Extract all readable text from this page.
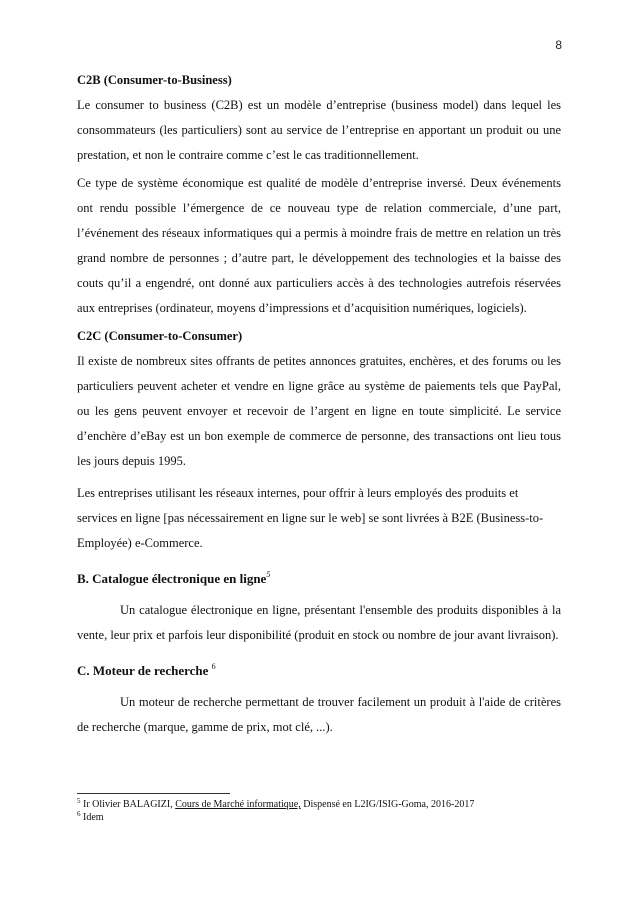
8
C2B (Consumer-to-Business)

Le consumer to business (C2B) est un modèle d’entreprise (business model) dans lequel les consommateurs (les particuliers) sont au service de l’entreprise en apportant un produit ou une prestation, et non le contraire comme c’est le cas traditionnellement.

Ce type de système économique est qualité de modèle d’entreprise inversé. Deux événements ont rendu possible l’émergence de ce nouveau type de relation commerciale, d’une part, l’événement des réseaux informatiques qui a permis à moindre frais de mettre en relation un très grand nombre de personnes ; d’autre part, le développement des technologies et la baisse des couts qu’il a engendré, ont donné aux particuliers accès à des technologies autrefois réservées aux entreprises (ordinateur, moyens d’impressions et d’acquisition numériques, logiciels).

C2C (Consumer-to-Consumer)

Il existe de nombreux sites offrants de petites annonces gratuites, enchères, et des forums ou les particuliers peuvent acheter et vendre en ligne grâce au système de paiements tels que PayPal, ou les gens peuvent envoyer et recevoir de l’argent en ligne en toute simplicité. Le service d’enchère d’eBay est un bon exemple de commerce de personne, des transactions ont lieu tous les jours depuis 1995.

Les entreprises utilisant les réseaux internes, pour offrir à leurs employés des produits et services en ligne [pas nécessairement en ligne sur le web] se sont livrées à B2E (Business-to-Employée) e-Commerce.

B. Catalogue électronique en ligne$^5$

Un catalogue électronique en ligne, présentant l'ensemble des produits disponibles à la vente, leur prix et parfois leur disponibilité (produit en stock ou nombre de jour avant livraison).

C. Moteur de recherche $^6$

Un moteur de recherche permettant de trouver facilement un produit à l'aide de critères de recherche (marque, gamme de prix, mot clé, ...).

$^5$ Ir Olivier BALAGIZI, Cours de Marché informatique, Dispensé en L2IG/ISIG-Goma, 2016-2017
$^6$ Idem
